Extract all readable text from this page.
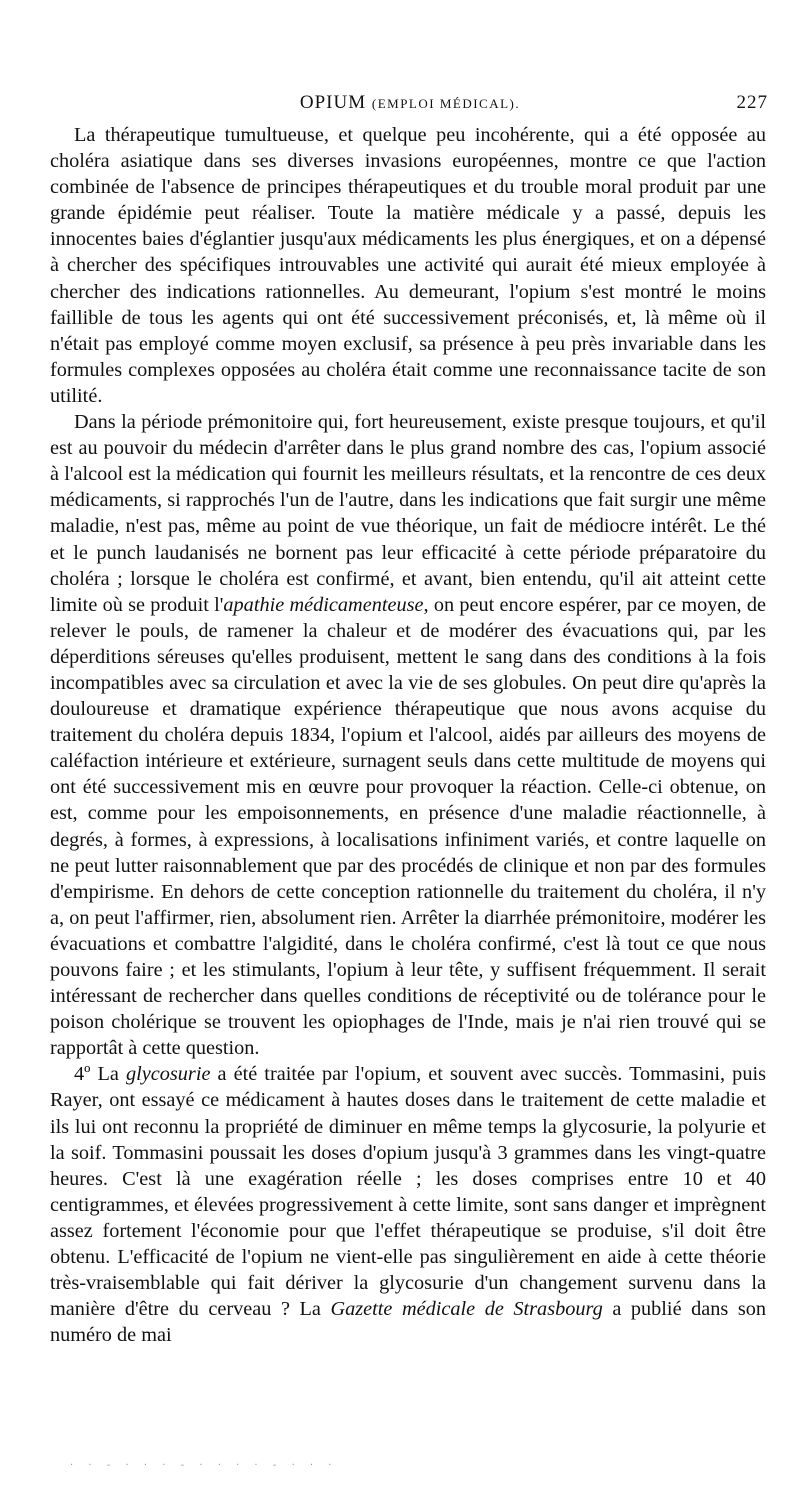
OPIUM (EMPLOI MÉDICAL).	227

La thérapeutique tumultueuse, et quelque peu incohérente, qui a été opposée au choléra asiatique dans ses diverses invasions européennes, montre ce que l'action combinée de l'absence de principes thérapeutiques et du trouble moral produit par une grande épidémie peut réaliser. Toute la matière médicale y a passé, depuis les innocentes baies d'églantier jusqu'aux médicaments les plus énergiques, et on a dépensé à chercher des spécifiques introuvables une activité qui aurait été mieux employée à chercher des indications rationnelles. Au demeurant, l'opium s'est montré le moins faillible de tous les agents qui ont été successivement préconisés, et, là même où il n'était pas employé comme moyen exclusif, sa présence à peu près invariable dans les formules complexes opposées au choléra était comme une reconnaissance tacite de son utilité.

Dans la période prémonitoire qui, fort heureusement, existe presque toujours, et qu'il est au pouvoir du médecin d'arrêter dans le plus grand nombre des cas, l'opium associé à l'alcool est la médication qui fournit les meilleurs résultats, et la rencontre de ces deux médicaments, si rapprochés l'un de l'autre, dans les indications que fait surgir une même maladie, n'est pas, même au point de vue théorique, un fait de médiocre intérêt. Le thé et le punch laudanisés ne bornent pas leur efficacité à cette période préparatoire du choléra ; lorsque le choléra est confirmé, et avant, bien entendu, qu'il ait atteint cette limite où se produit l'apathie médicamenteuse, on peut encore espérer, par ce moyen, de relever le pouls, de ramener la chaleur et de modérer des évacuations qui, par les déperditions séreuses qu'elles produisent, mettent le sang dans des conditions à la fois incompatibles avec sa circulation et avec la vie de ses globules. On peut dire qu'après la douloureuse et dramatique expérience thérapeutique que nous avons acquise du traitement du choléra depuis 1834, l'opium et l'alcool, aidés par ailleurs des moyens de caléfaction intérieure et extérieure, surnagent seuls dans cette multitude de moyens qui ont été successivement mis en œuvre pour provoquer la réaction. Celle-ci obtenue, on est, comme pour les empoisonnements, en présence d'une maladie réactionnelle, à degrés, à formes, à expressions, à localisations infiniment variés, et contre laquelle on ne peut lutter raisonnablement que par des procédés de clinique et non par des formules d'empirisme. En dehors de cette conception rationnelle du traitement du choléra, il n'y a, on peut l'affirmer, rien, absolument rien. Arrêter la diarrhée prémonitoire, modérer les évacuations et combattre l'algidité, dans le choléra confirmé, c'est là tout ce que nous pouvons faire ; et les stimulants, l'opium à leur tête, y suffisent fréquemment. Il serait intéressant de rechercher dans quelles conditions de réceptivité ou de tolérance pour le poison cholérique se trouvent les opiophages de l'Inde, mais je n'ai rien trouvé qui se rapportât à cette question.

4º La glycosurie a été traitée par l'opium, et souvent avec succès. Tommasini, puis Rayer, ont essayé ce médicament à hautes doses dans le traitement de cette maladie et ils lui ont reconnu la propriété de diminuer en même temps la glycosurie, la polyurie et la soif. Tommasini poussait les doses d'opium jusqu'à 3 grammes dans les vingt-quatre heures. C'est là une exagération réelle ; les doses comprises entre 10 et 40 centigrammes, et élevées progressivement à cette limite, sont sans danger et imprègnent assez fortement l'économie pour que l'effet thérapeutique se produise, s'il doit être obtenu. L'efficacité de l'opium ne vient-elle pas singulièrement en aide à cette théorie très-vraisemblable qui fait dériver la glycosurie d'un changement survenu dans la manière d'être du cerveau ? La Gazette médicale de Strasbourg a publié dans son numéro de mai

· · - · · · - · · · · - · · ·
